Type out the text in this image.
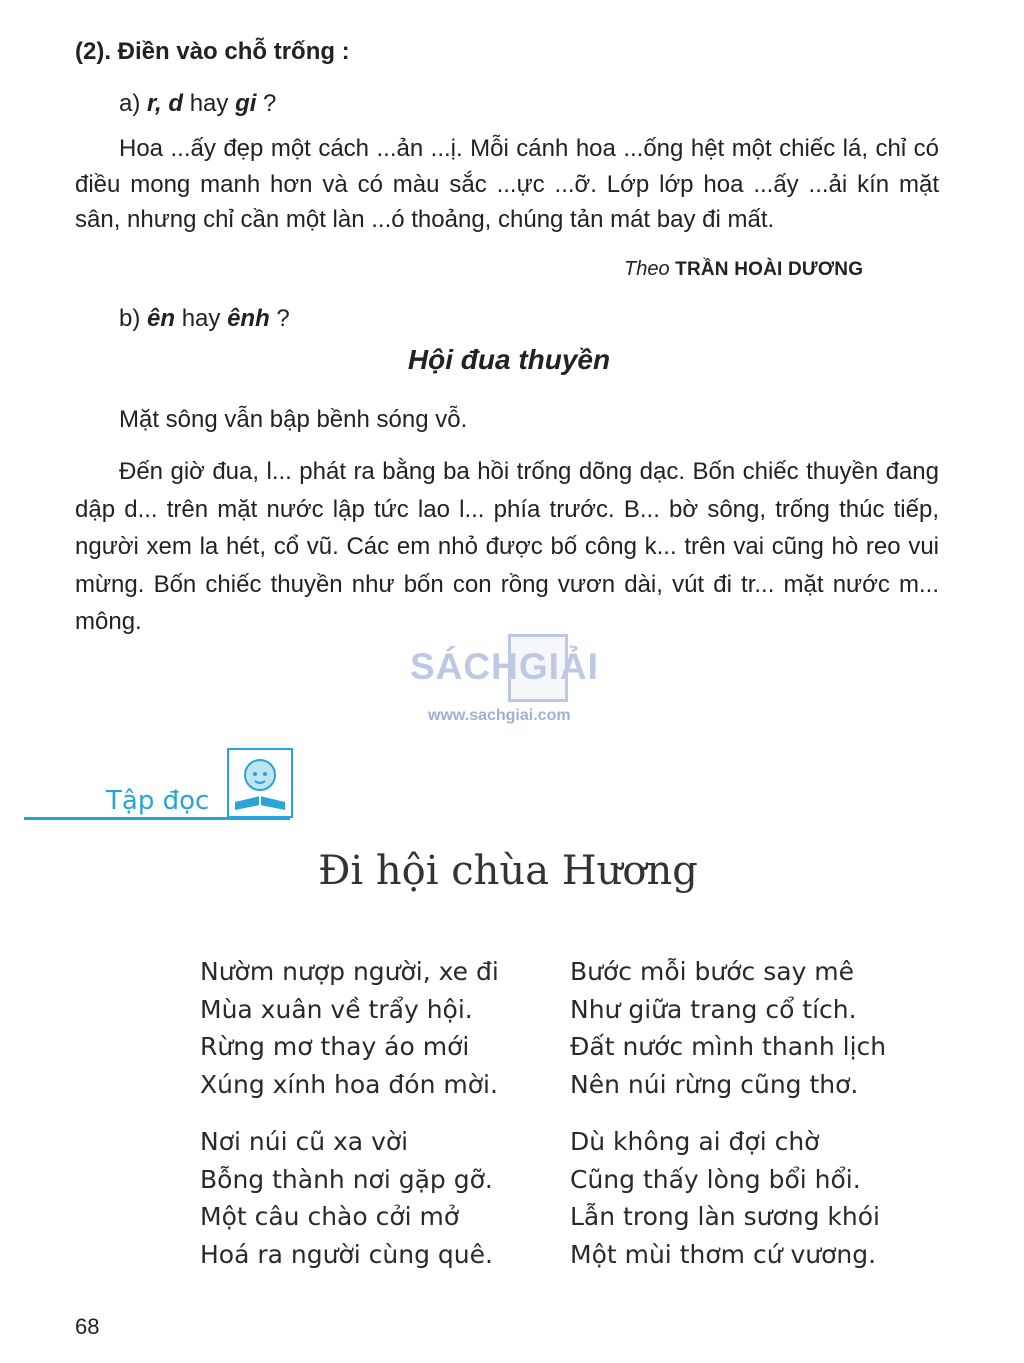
(2). Điền vào chỗ trống :
a) r, d hay gi ?

Hoa ...ấy đẹp một cách ...ản ...ị. Mỗi cánh hoa ...ống hệt một chiếc lá, chỉ có điều mong manh hơn và có màu sắc ...ực ...ỡ. Lớp lớp hoa ...ấy ...ải kín mặt sân, nhưng chỉ cần một làn ...ó thoảng, chúng tản mát bay đi mất.

Theo TRẦN HOÀI DƯƠNG
b) ên hay ênh ?
Hội đua thuyền

Mặt sông vẫn bập bềnh sóng vỗ.

Đến giờ đua, l... phát ra bằng ba hồi trống dõng dạc. Bốn chiếc thuyền đang dập d... trên mặt nước lập tức lao l... phía trước. B... bờ sông, trống thúc tiếp, người xem la hét, cổ vũ. Các em nhỏ được bố công k... trên vai cũng hò reo vui mừng. Bốn chiếc thuyền như bốn con rồng vươn dài, vút đi tr... mặt nước m... mông.

SÁCHGIẢI
www.sachgiai.com
Tập đọc
Đi hội chùa Hương
Nườm nượp người, xe đi
Mùa xuân về trẩy hội.
Rừng mơ thay áo mới
Xúng xính hoa đón mời.
Bước mỗi bước say mê
Như giữa trang cổ tích.
Đất nước mình thanh lịch
Nên núi rừng cũng thơ.
Nơi núi cũ xa vời
Bỗng thành nơi gặp gỡ.
Một câu chào cởi mở
Hoá ra người cùng quê.
Dù không ai đợi chờ
Cũng thấy lòng bổi hổi.
Lẫn trong làn sương khói
Một mùi thơm cứ vương.
68
